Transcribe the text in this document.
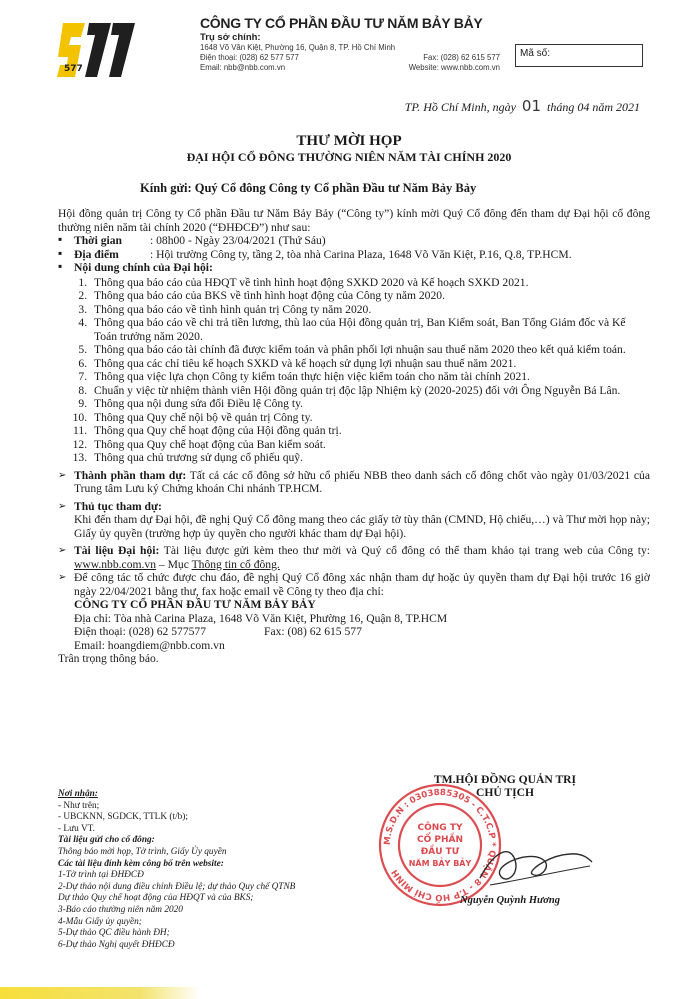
577
CÔNG TY CỔ PHẦN ĐẦU TƯ NĂM BẢY BẢY
Trụ sở chính:
1648 Võ Văn Kiệt, Phường 16, Quận 8, TP. Hồ Chí Minh
Điện thoại: (028) 62 577 577	Fax: (028) 62 615 577
Email: nbb@nbb.com.vn	Website: www.nbb.com.vn
Mã số:
TP. Hồ Chí Minh, ngày 01 tháng 04 năm 2021
THƯ MỜI HỌP
ĐẠI HỘI CỔ ĐÔNG THƯỜNG NIÊN NĂM TÀI CHÍNH 2020
Kính gửi: Quý Cổ đông Công ty Cổ phần Đầu tư Năm Bảy Bảy
Hội đồng quản trị Công ty Cổ phần Đầu tư Năm Bảy Bảy (“Công ty”) kính mời Quý Cổ đông đến tham dự Đại hội cổ đông thường niên năm tài chính 2020 (“ĐHĐCĐ”) như sau:
▪ Thời gian : 08h00 - Ngày 23/04/2021 (Thứ Sáu)
▪ Địa điểm	: Hội trường Công ty, tầng 2, tòa nhà Carina Plaza, 1648 Võ Văn Kiệt, P.16, Q.8, TP.HCM.
▪ Nội dung chính của Đại hội:
1. Thông qua báo cáo của HĐQT về tình hình hoạt động SXKD 2020 và Kế hoạch SXKD 2021.
2. Thông qua báo cáo của BKS về tình hình hoạt động của Công ty năm 2020.
3. Thông qua báo cáo về tình hình quản trị Công ty năm 2020.
4. Thông qua báo cáo về chi trả tiền lương, thù lao của Hội đồng quản trị, Ban Kiểm soát, Ban Tổng Giám đốc và Kế Toán trưởng năm 2020.
5. Thông qua báo cáo tài chính đã được kiểm toán và phân phối lợi nhuận sau thuế năm 2020 theo kết quả kiểm toán.
6. Thông qua các chỉ tiêu kế hoạch SXKD và kế hoạch sử dụng lợi nhuận sau thuế năm 2021.
7. Thông qua việc lựa chọn Công ty kiểm toán thực hiện việc kiểm toán cho năm tài chính 2021.
8. Chuẩn y việc từ nhiệm thành viên Hội đồng quản trị độc lập Nhiệm kỳ (2020-2025) đối với Ông Nguyễn Bá Lân.
9. Thông qua nội dung sửa đổi Điều lệ Công ty.
10. Thông qua Quy chế nội bộ về quản trị Công ty.
11. Thông qua Quy chế hoạt động của Hội đồng quản trị.
12. Thông qua Quy chế hoạt động của Ban kiểm soát.
13. Thông qua chủ trương sử dụng cổ phiếu quỹ.
➢ Thành phần tham dự: Tất cả các cổ đông sở hữu cổ phiếu NBB theo danh sách cổ đông chốt vào ngày 01/03/2021 của Trung tâm Lưu ký Chứng khoán Chi nhánh TP.HCM.
➢ Thủ tục tham dự:
Khi đến tham dự Đại hội, đề nghị Quý Cổ đông mang theo các giấy tờ tùy thân (CMND, Hộ chiếu,…) và Thư mời họp này; Giấy ủy quyền (trường hợp ủy quyền cho người khác tham dự Đại hội).
➢ Tài liệu Đại hội: Tài liệu được gửi kèm theo thư mời và Quý cổ đông có thể tham khảo tại trang web của Công ty: www.nbb.com.vn – Mục Thông tin cổ đông.
➢ Để công tác tổ chức được chu đáo, đề nghị Quý Cổ đông xác nhận tham dự hoặc ủy quyền tham dự Đại hội trước 16 giờ ngày 22/04/2021 bằng thư, fax hoặc email về Công ty theo địa chỉ:
CÔNG TY CỔ PHẦN ĐẦU TƯ NĂM BẢY BẢY
Địa chỉ: Tòa nhà Carina Plaza, 1648 Võ Văn Kiệt, Phường 16, Quận 8, TP.HCM
Điện thoại: (028) 62 577577	Fax: (08) 62 615 577
Email: hoangdiem@nbb.com.vn
Trân trọng thông báo.
Nơi nhận:
- Như trên;
- UBCKNN, SGDCK, TTLK (t/b);
- Lưu VT.
Tài liệu gửi cho cổ đông:
Thông báo mời họp, Tờ trình, Giấy Ủy quyền
Các tài liệu đính kèm công bố trên website:
1-Tờ trình tại ĐHĐCĐ
2-Dự thảo nội dung điều chỉnh Điều lệ; dự thảo Quy chế QTNB
Dự thảo Quy chế hoạt động của HĐQT và của BKS;
3-Báo cáo thường niên năm 2020
4-Mẫu Giấy ủy quyền;
5-Dự thảo QC điều hành ĐH;
6-Dự thảo Nghị quyết ĐHĐCĐ
TM.HỘI ĐỒNG QUẢN TRỊ
CHỦ TỊCH
M.S.D.N : 0303885305 - C.T.C.P * QUẬN 8 - T.P HỒ CHÍ MINH
CÔNG TY
CỔ PHẦN
ĐẦU TƯ
NĂM BẢY BẢY
Nguyễn Quỳnh Hương
